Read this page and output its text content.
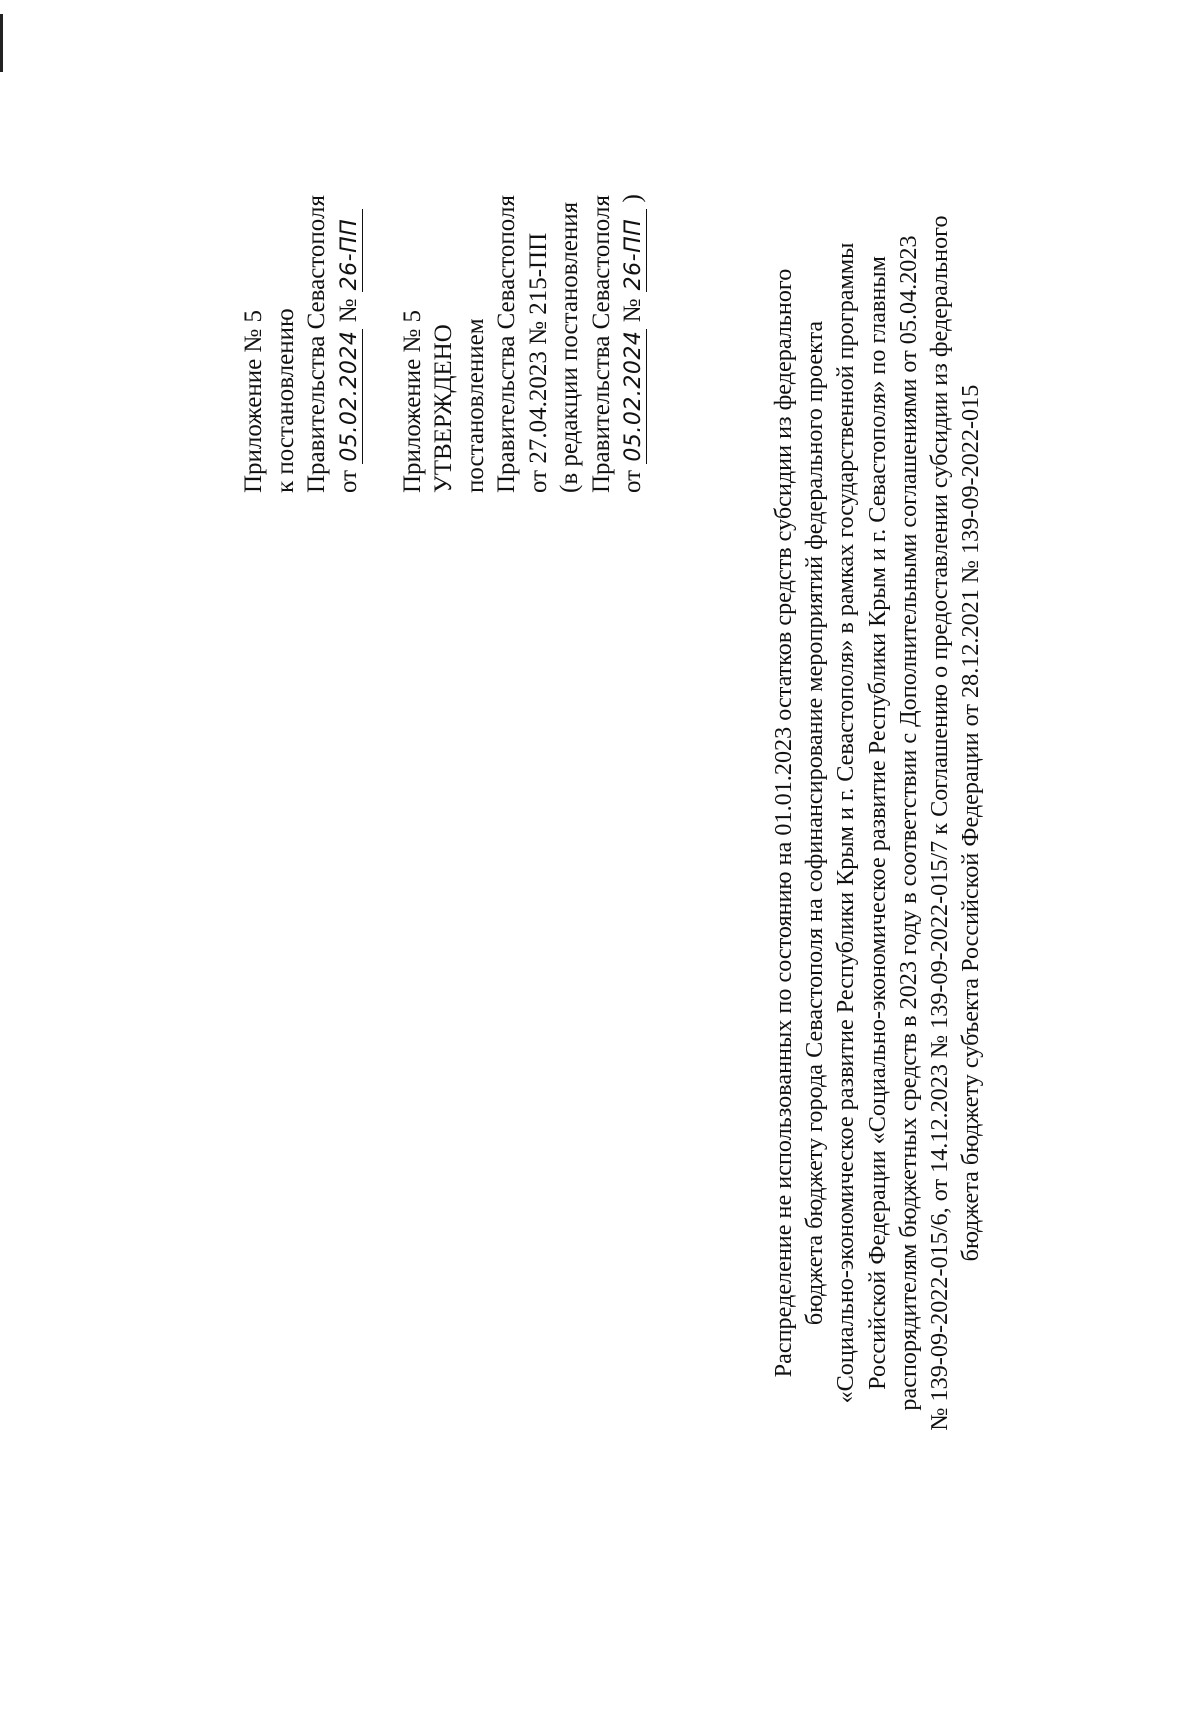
Приложение № 5 к постановлению Правительства Севастополя от 05.02.2024 № 26-ПП
Приложение № 5 УТВЕРЖДЕНО постановлением Правительства Севастополя от 27.04.2023 № 215-ПП (в редакции постановления Правительства Севастополя от 05.02.2024 № 26-ПП )

Распределение не использованных по состоянию на 01.01.2023 остатков средств субсидии из федерального бюджета бюджету города Севастополя на софинансирование мероприятий федерального проекта «Социально-экономическое развитие Республики Крым и г. Севастополя» в рамках государственной программы Российской Федерации «Социально-экономическое развитие Республики Крым и г. Севастополя» по главным распорядителям бюджетных средств в 2023 году в соответствии с Дополнительными соглашениями от 05.04.2023 № 139-09-2022-015/6, от 14.12.2023 № 139-09-2022-015/7 к Соглашению о предоставлении субсидии из федерального бюджета бюджету субъекта Российской Федерации от 28.12.2021 № 139-09-2022-015
